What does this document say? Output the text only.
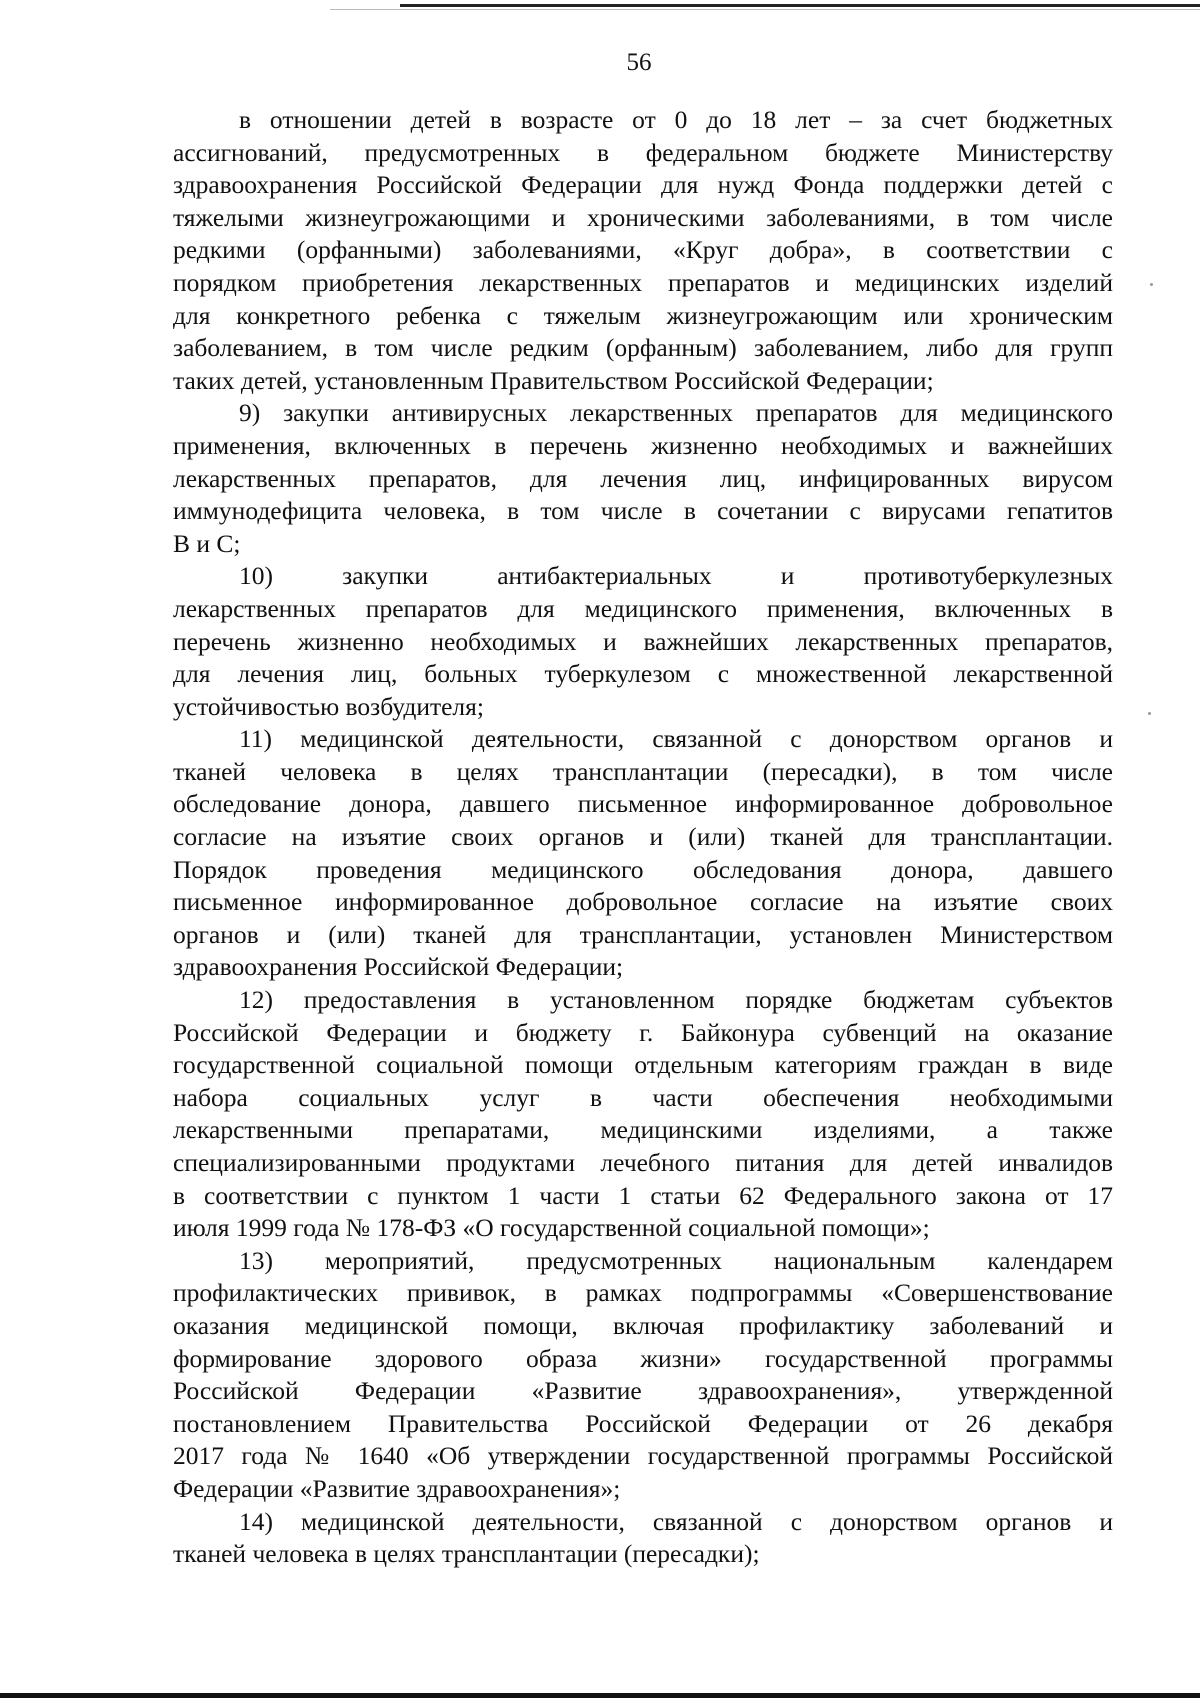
56
в отношении детей в возрасте от 0 до 18 лет – за счет бюджетных
ассигнований, предусмотренных в федеральном бюджете Министерству
здравоохранения Российской Федерации для нужд Фонда поддержки детей с
тяжелыми жизнеугрожающими и хроническими заболеваниями, в том числе
редкими (орфанными) заболеваниями, «Круг добра», в соответствии с
порядком приобретения лекарственных препаратов и медицинских изделий
для конкретного ребенка с тяжелым жизнеугрожающим или хроническим
заболеванием, в том числе редким (орфанным) заболеванием, либо для групп
таких детей, установленным Правительством Российской Федерации;
9) закупки антивирусных лекарственных препаратов для медицинского
применения, включенных в перечень жизненно необходимых и важнейших
лекарственных препаратов, для лечения лиц, инфицированных вирусом
иммунодефицита человека, в том числе в сочетании с вирусами гепатитов
В и С;
10) закупки антибактериальных и противотуберкулезных
лекарственных препаратов для медицинского применения, включенных в
перечень жизненно необходимых и важнейших лекарственных препаратов,
для лечения лиц, больных туберкулезом с множественной лекарственной
устойчивостью возбудителя;
11) медицинской деятельности, связанной с донорством органов и
тканей человека в целях трансплантации (пересадки), в том числе
обследование донора, давшего письменное информированное добровольное
согласие на изъятие своих органов и (или) тканей для трансплантации.
Порядок проведения медицинского обследования донора, давшего
письменное информированное добровольное согласие на изъятие своих
органов и (или) тканей для трансплантации, установлен Министерством
здравоохранения Российской Федерации;
12) предоставления в установленном порядке бюджетам субъектов
Российской Федерации и бюджету г. Байконура субвенций на оказание
государственной социальной помощи отдельным категориям граждан в виде
набора социальных услуг в части обеспечения необходимыми
лекарственными препаратами, медицинскими изделиями, а также
специализированными продуктами лечебного питания для детей инвалидов
в соответствии с пунктом 1 части 1 статьи 62 Федерального закона от 17
июля 1999 года № 178-ФЗ «О государственной социальной помощи»;
13) мероприятий, предусмотренных национальным календарем
профилактических прививок, в рамках подпрограммы «Совершенствование
оказания медицинской помощи, включая профилактику заболеваний и
формирование здорового образа жизни» государственной программы
Российской Федерации «Развитие здравоохранения», утвержденной
постановлением Правительства Российской Федерации от 26 декабря
2017 года № 1640 «Об утверждении государственной программы Российской
Федерации «Развитие здравоохранения»;
14) медицинской деятельности, связанной с донорством органов и
тканей человека в целях трансплантации (пересадки);
